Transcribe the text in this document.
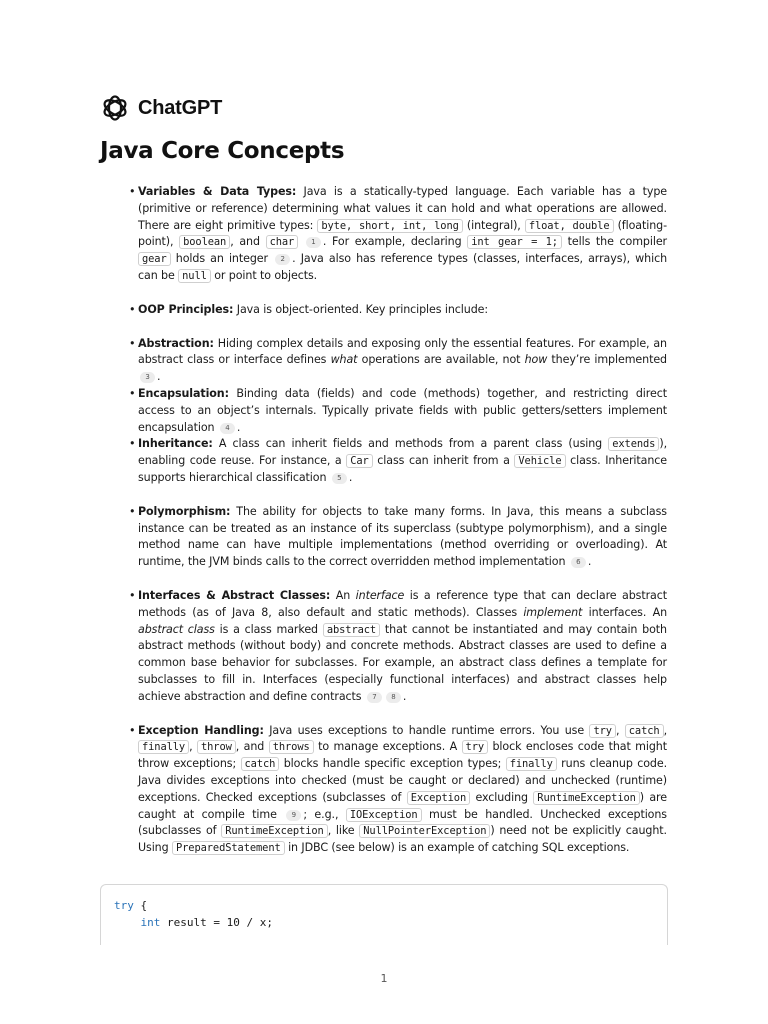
ChatGPT
Java Core Concepts
• Variables & Data Types: Java is a statically-typed language. Each variable has a type (primitive or reference) determining what values it can hold and what operations are allowed. There are eight primitive types: byte, short, int, long (integral), float, double (floating-point), boolean , and char 1 . For example, declaring int gear = 1; tells the compiler gear holds an integer 2 . Java also has reference types (classes, interfaces, arrays), which can be null or point to objects.
• OOP Principles: Java is object-oriented. Key principles include:
• Abstraction: Hiding complex details and exposing only the essential features. For example, an abstract class or interface defines what operations are available, not how they’re implemented 3 .
• Encapsulation: Binding data (fields) and code (methods) together, and restricting direct access to an object’s internals. Typically private fields with public getters/setters implement encapsulation 4 .
• Inheritance: A class can inherit fields and methods from a parent class (using extends ), enabling code reuse. For instance, a Car class can inherit from a Vehicle class. Inheritance supports hierarchical classification 5 .
• Polymorphism: The ability for objects to take many forms. In Java, this means a subclass instance can be treated as an instance of its superclass (subtype polymorphism), and a single method name can have multiple implementations (method overriding or overloading). At runtime, the JVM binds calls to the correct overridden method implementation 6 .
• Interfaces & Abstract Classes: An interface is a reference type that can declare abstract methods (as of Java 8, also default and static methods). Classes implement interfaces. An abstract class is a class marked abstract that cannot be instantiated and may contain both abstract methods (without body) and concrete methods. Abstract classes are used to define a common base behavior for subclasses. For example, an abstract class defines a template for subclasses to fill in. Interfaces (especially functional interfaces) and abstract classes help achieve abstraction and define contracts 7 8 .
• Exception Handling: Java uses exceptions to handle runtime errors. You use try , catch , finally , throw , and throws to manage exceptions. A try block encloses code that might throw exceptions; catch blocks handle specific exception types; finally runs cleanup code. Java divides exceptions into checked (must be caught or declared) and unchecked (runtime) exceptions. Checked exceptions (subclasses of Exception excluding RuntimeException ) are caught at compile time 9 ; e.g., IOException must be handled. Unchecked exceptions (subclasses of RuntimeException , like NullPointerException ) need not be explicitly caught. Using PreparedStatement in JDBC (see below) is an example of catching SQL exceptions.
try {
int result = 10 / x;
1
